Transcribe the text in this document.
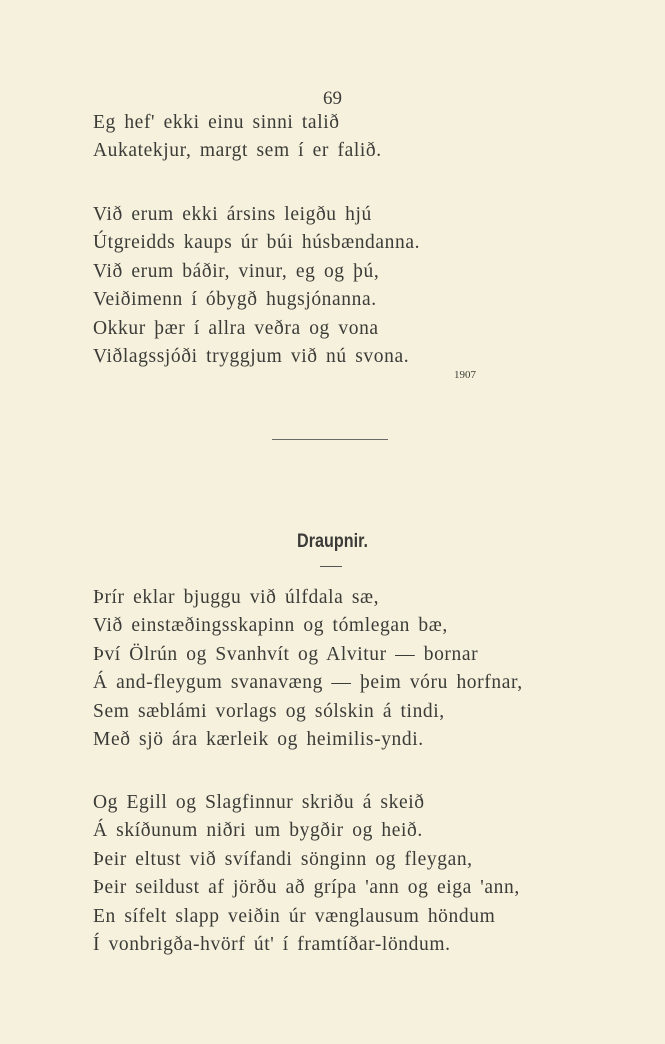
69
Eg hef' ekki einu sinni talið
Aukatekjur, margt sem í er falið.
Við erum ekki ársins leigðu hjú
Útgreidds kaups úr búi húsbændanna.
Við erum báðir, vinur, eg og þú,
Veiðimenn í óbygð hugsjónanna.
Okkur þær í allra veðra og vona
Viðlagssjóði tryggjum við nú svona.
1907
Draupnir.
Þrír eklar bjuggu við úlfdala sæ,
Við einstæðingsskapinn og tómlegan bæ,
Því Ölrún og Svanhvít og Alvitur — bornar
Á and-fleygum svanavæng — þeim vóru horfnar,
Sem sæblámi vorlags og sólskin á tindi,
Með sjö ára kærleik og heimilis-yndi.
Og Egill og Slagfinnur skriðu á skeið
Á skíðunum niðri um bygðir og heið.
Þeir eltust við svífandi sönginn og fleygan,
Þeir seildust af jörðu að grípa 'ann og eiga 'ann,
En sífelt slapp veiðin úr vænglausum höndum
Í vonbrigða-hvörf út' í framtíðar-löndum.
